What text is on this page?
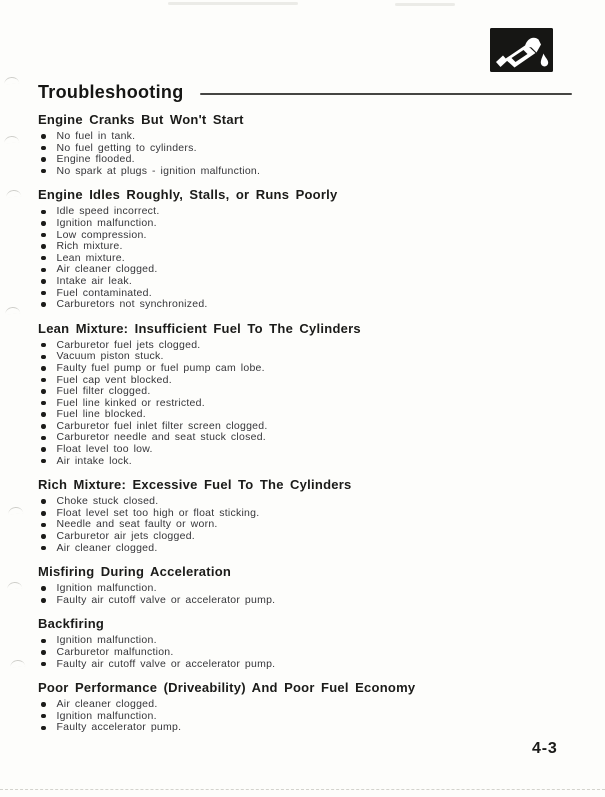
Troubleshooting
Engine Cranks But Won't Start
No fuel in tank.
No fuel getting to cylinders.
Engine flooded.
No spark at plugs - ignition malfunction.
Engine Idles Roughly, Stalls, or Runs Poorly
Idle speed incorrect.
Ignition malfunction.
Low compression.
Rich mixture.
Lean mixture.
Air cleaner clogged.
Intake air leak.
Fuel contaminated.
Carburetors not synchronized.
Lean Mixture: Insufficient Fuel To The Cylinders
Carburetor fuel jets clogged.
Vacuum piston stuck.
Faulty fuel pump or fuel pump cam lobe.
Fuel cap vent blocked.
Fuel filter clogged.
Fuel line kinked or restricted.
Fuel line blocked.
Carburetor fuel inlet filter screen clogged.
Carburetor needle and seat stuck closed.
Float level too low.
Air intake lock.
Rich Mixture: Excessive Fuel To The Cylinders
Choke stuck closed.
Float level set too high or float sticking.
Needle and seat faulty or worn.
Carburetor air jets clogged.
Air cleaner clogged.
Misfiring During Acceleration
Ignition malfunction.
Faulty air cutoff valve or accelerator pump.
Backfiring
Ignition malfunction.
Carburetor malfunction.
Faulty air cutoff valve or accelerator pump.
Poor Performance (Driveability) And Poor Fuel Economy
Air cleaner clogged.
Ignition malfunction.
Faulty accelerator pump.
4-3
